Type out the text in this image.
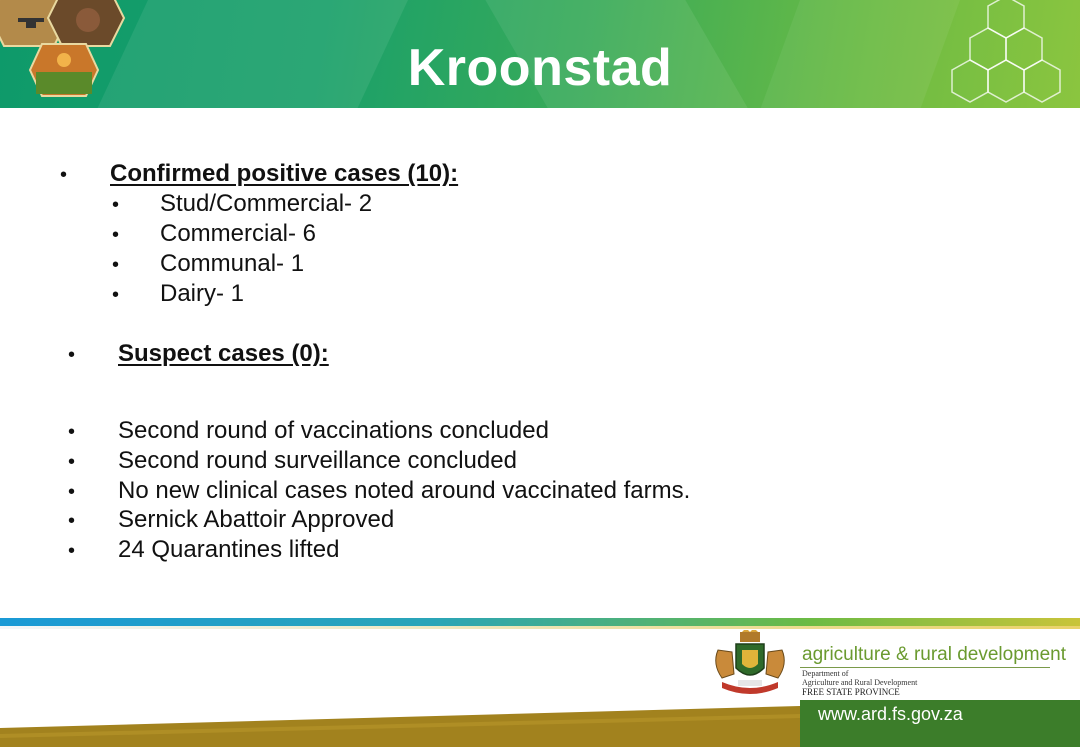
Kroonstad
• Confirmed positive cases (10):
• Stud/Commercial- 2
• Commercial- 6
• Communal- 1
• Dairy- 1
• Suspect cases (0):
• Second round of vaccinations concluded
• Second round surveillance concluded
• No new clinical cases noted around vaccinated farms.
• Sernick Abattoir Approved
• 24 Quarantines lifted
agriculture & rural development
Department of
Agriculture and Rural Development
FREE STATE PROVINCE
www.ard.fs.gov.za
